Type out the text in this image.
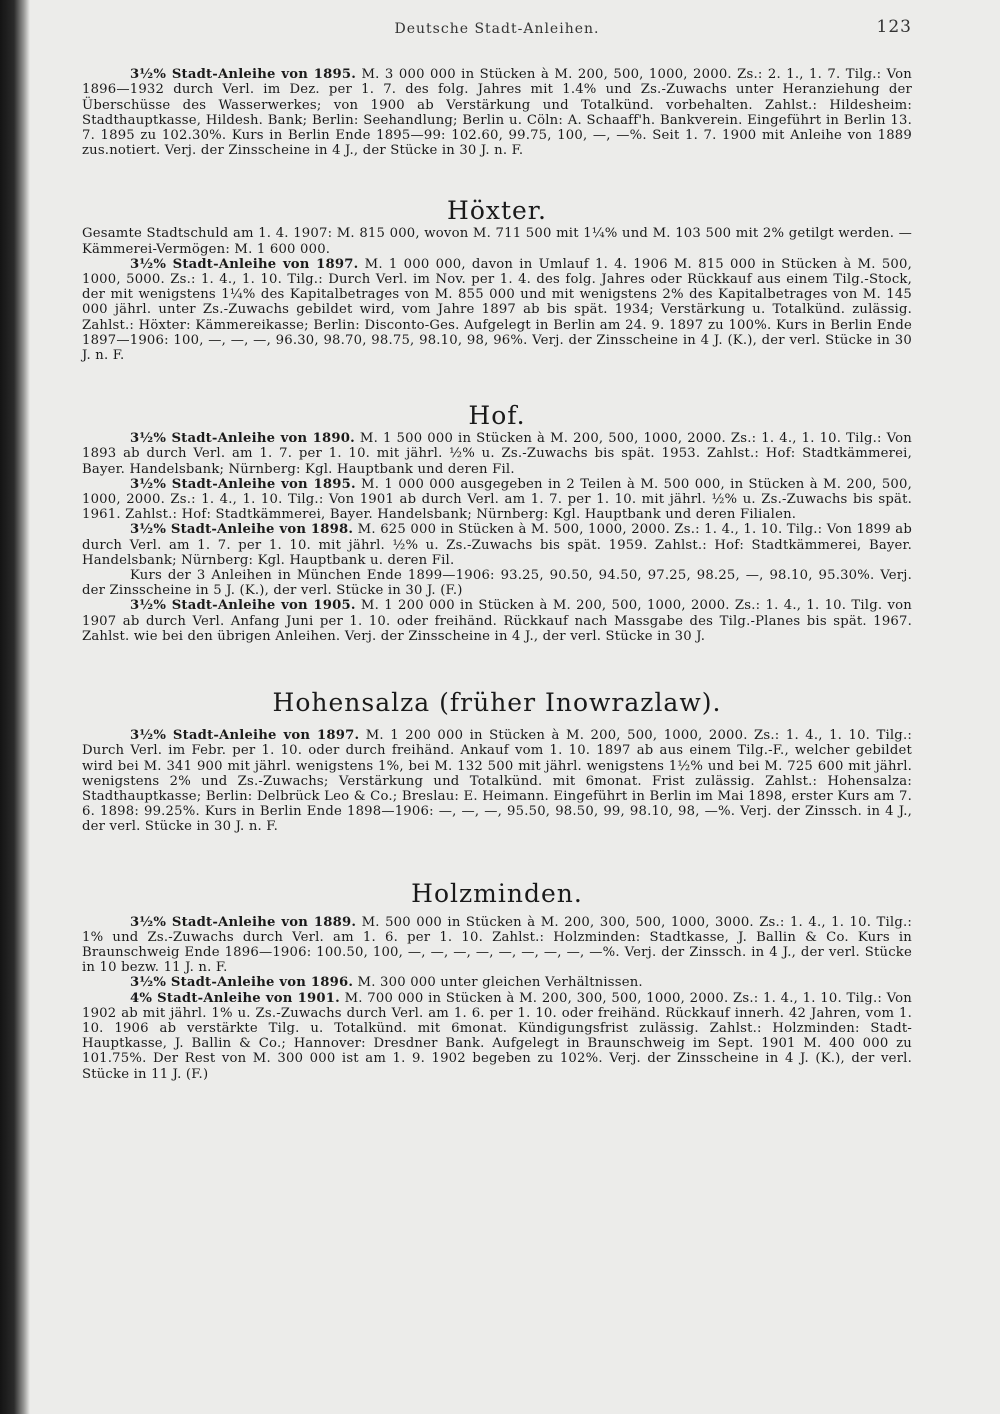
Deutsche Stadt-Anleihen.	123

3½% Stadt-Anleihe von 1895. M. 3 000 000 in Stücken à M. 200, 500, 1000, 2000. Zs.: 2. 1., 1. 7. Tilg.: Von 1896—1932 durch Verl. im Dez. per 1. 7. des folg. Jahres mit 1.4% und Zs.-Zuwachs unter Heranziehung der Überschüsse des Wasserwerkes; von 1900 ab Verstärkung und Totalkünd. vorbehalten. Zahlst.: Hildesheim: Stadthauptkasse, Hildesh. Bank; Berlin: Seehandlung; Berlin u. Cöln: A. Schaaff'h. Bankverein. Eingeführt in Berlin 13. 7. 1895 zu 102.30%. Kurs in Berlin Ende 1895—99: 102.60, 99.75, 100, —, —%. Seit 1. 7. 1900 mit Anleihe von 1889 zus.notiert. Verj. der Zinsscheine in 4 J., der Stücke in 30 J. n. F.

Höxter.

Gesamte Stadtschuld am 1. 4. 1907: M. 815 000, wovon M. 711 500 mit 1¼% und M. 103 500 mit 2% getilgt werden. — Kämmerei-Vermögen: M. 1 600 000.

3½% Stadt-Anleihe von 1897. M. 1 000 000, davon in Umlauf 1. 4. 1906 M. 815 000 in Stücken à M. 500, 1000, 5000. Zs.: 1. 4., 1. 10. Tilg.: Durch Verl. im Nov. per 1. 4. des folg. Jahres oder Rückkauf aus einem Tilg.-Stock, der mit wenigstens 1¼% des Kapitalbetrages von M. 855 000 und mit wenigstens 2% des Kapitalbetrages von M. 145 000 jährl. unter Zs.-Zuwachs gebildet wird, vom Jahre 1897 ab bis spät. 1934; Verstärkung u. Totalkünd. zulässig. Zahlst.: Höxter: Kämmereikasse; Berlin: Disconto-Ges. Aufgelegt in Berlin am 24. 9. 1897 zu 100%. Kurs in Berlin Ende 1897—1906: 100, —, —, —, 96.30, 98.70, 98.75, 98.10, 98, 96%. Verj. der Zinsscheine in 4 J. (K.), der verl. Stücke in 30 J. n. F.

Hof.

3½% Stadt-Anleihe von 1890. M. 1 500 000 in Stücken à M. 200, 500, 1000, 2000. Zs.: 1. 4., 1. 10. Tilg.: Von 1893 ab durch Verl. am 1. 7. per 1. 10. mit jährl. ½% u. Zs.-Zuwachs bis spät. 1953. Zahlst.: Hof: Stadtkämmerei, Bayer. Handelsbank; Nürnberg: Kgl. Hauptbank und deren Fil.

3½% Stadt-Anleihe von 1895. M. 1 000 000 ausgegeben in 2 Teilen à M. 500 000, in Stücken à M. 200, 500, 1000, 2000. Zs.: 1. 4., 1. 10. Tilg.: Von 1901 ab durch Verl. am 1. 7. per 1. 10. mit jährl. ½% u. Zs.-Zuwachs bis spät. 1961. Zahlst.: Hof: Stadtkämmerei, Bayer. Handelsbank; Nürnberg: Kgl. Hauptbank und deren Filialen.

3½% Stadt-Anleihe von 1898. M. 625 000 in Stücken à M. 500, 1000, 2000. Zs.: 1. 4., 1. 10. Tilg.: Von 1899 ab durch Verl. am 1. 7. per 1. 10. mit jährl. ½% u. Zs.-Zuwachs bis spät. 1959. Zahlst.: Hof: Stadtkämmerei, Bayer. Handelsbank; Nürnberg: Kgl. Hauptbank u. deren Fil.

Kurs der 3 Anleihen in München Ende 1899—1906: 93.25, 90.50, 94.50, 97.25, 98.25, —, 98.10, 95.30%. Verj. der Zinsscheine in 5 J. (K.), der verl. Stücke in 30 J. (F.)

3½% Stadt-Anleihe von 1905. M. 1 200 000 in Stücken à M. 200, 500, 1000, 2000. Zs.: 1. 4., 1. 10. Tilg. von 1907 ab durch Verl. Anfang Juni per 1. 10. oder freihänd. Rückkauf nach Massgabe des Tilg.-Planes bis spät. 1967. Zahlst. wie bei den übrigen Anleihen. Verj. der Zinsscheine in 4 J., der verl. Stücke in 30 J.

Hohensalza (früher Inowrazlaw).

3½% Stadt-Anleihe von 1897. M. 1 200 000 in Stücken à M. 200, 500, 1000, 2000. Zs.: 1. 4., 1. 10. Tilg.: Durch Verl. im Febr. per 1. 10. oder durch freihänd. Ankauf vom 1. 10. 1897 ab aus einem Tilg.-F., welcher gebildet wird bei M. 341 900 mit jährl. wenigstens 1%, bei M. 132 500 mit jährl. wenigstens 1½% und bei M. 725 600 mit jährl. wenigstens 2% und Zs.-Zuwachs; Verstärkung und Totalkünd. mit 6monat. Frist zulässig. Zahlst.: Hohensalza: Stadthauptkasse; Berlin: Delbrück Leo & Co.; Breslau: E. Heimann. Eingeführt in Berlin im Mai 1898, erster Kurs am 7. 6. 1898: 99.25%. Kurs in Berlin Ende 1898—1906: —, —, —, 95.50, 98.50, 99, 98.10, 98, —%. Verj. der Zinssch. in 4 J., der verl. Stücke in 30 J. n. F.

Holzminden.

3½% Stadt-Anleihe von 1889. M. 500 000 in Stücken à M. 200, 300, 500, 1000, 3000. Zs.: 1. 4., 1. 10. Tilg.: 1% und Zs.-Zuwachs durch Verl. am 1. 6. per 1. 10. Zahlst.: Holzminden: Stadtkasse, J. Ballin & Co. Kurs in Braunschweig Ende 1896—1906: 100.50, 100, —, —, —, —, —, —, —, —, —%. Verj. der Zinssch. in 4 J., der verl. Stücke in 10 bezw. 11 J. n. F.

3½% Stadt-Anleihe von 1896. M. 300 000 unter gleichen Verhältnissen.

4% Stadt-Anleihe von 1901. M. 700 000 in Stücken à M. 200, 300, 500, 1000, 2000. Zs.: 1. 4., 1. 10. Tilg.: Von 1902 ab mit jährl. 1% u. Zs.-Zuwachs durch Verl. am 1. 6. per 1. 10. oder freihänd. Rückkauf innerh. 42 Jahren, vom 1. 10. 1906 ab verstärkte Tilg. u. Totalkünd. mit 6monat. Kündigungsfrist zulässig. Zahlst.: Holzminden: Stadt-Hauptkasse, J. Ballin & Co.; Hannover: Dresdner Bank. Aufgelegt in Braunschweig im Sept. 1901 M. 400 000 zu 101.75%. Der Rest von M. 300 000 ist am 1. 9. 1902 begeben zu 102%. Verj. der Zinsscheine in 4 J. (K.), der verl. Stücke in 11 J. (F.)
